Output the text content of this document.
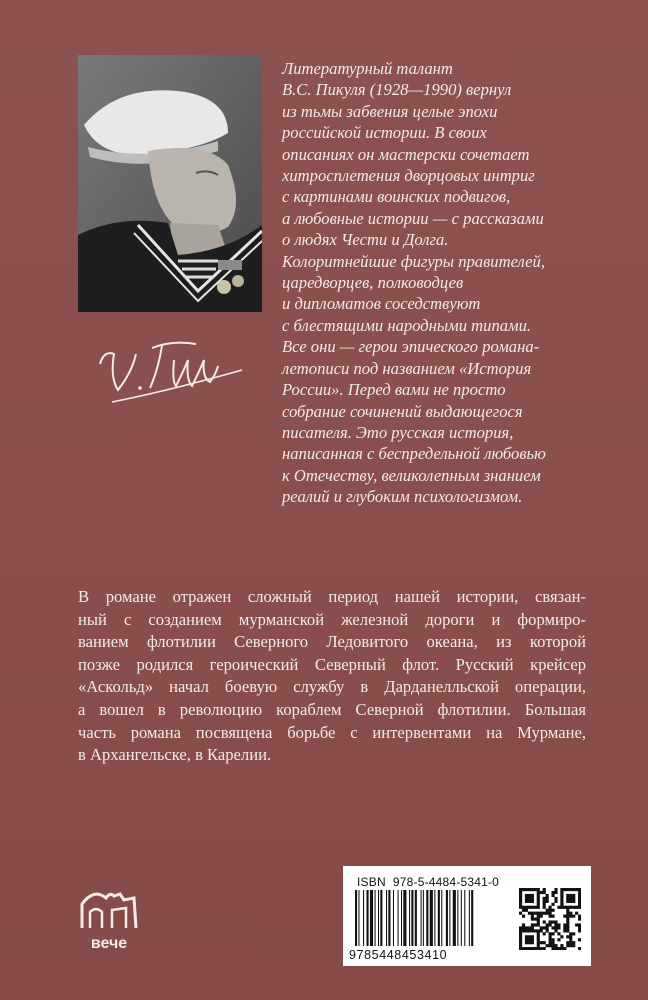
Литературный талант
В.С. Пикуля (1928—1990) вернул
из тьмы забвения целые эпохи
российской истории. В своих
описаниях он мастерски сочетает
хитросплетения дворцовых интриг
с картинами воинских подвигов,
а любовные истории — с рассказами
о людях Чести и Долга.
Колоритнейшие фигуры правителей,
царедворцев, полководцев
и дипломатов соседствуют
с блестящими народными типами.
Все они — герои эпического романа-
летописи под названием «История
России». Перед вами не просто
собрание сочинений выдающегося
писателя. Это русская история,
написанная с беспредельной любовью
к Отечеству, великолепным знанием
реалий и глубоким психологизмом.

В романе отражен сложный период нашей истории, связан-
ный с созданием мурманской железной дороги и формиро-
ванием флотилии Северного Ледовитого океана, из которой
позже родился героический Северный флот. Русский крейсер
«Аскольд» начал боевую службу в Дарданелльской операции,
а вошел в революцию кораблем Северной флотилии. Большая
часть романа посвящена борьбе с интервентами на Мурмане,
в Архангельске, в Карелии.

вече
ISBN 978-5-4484-5341-0
9785448453410
